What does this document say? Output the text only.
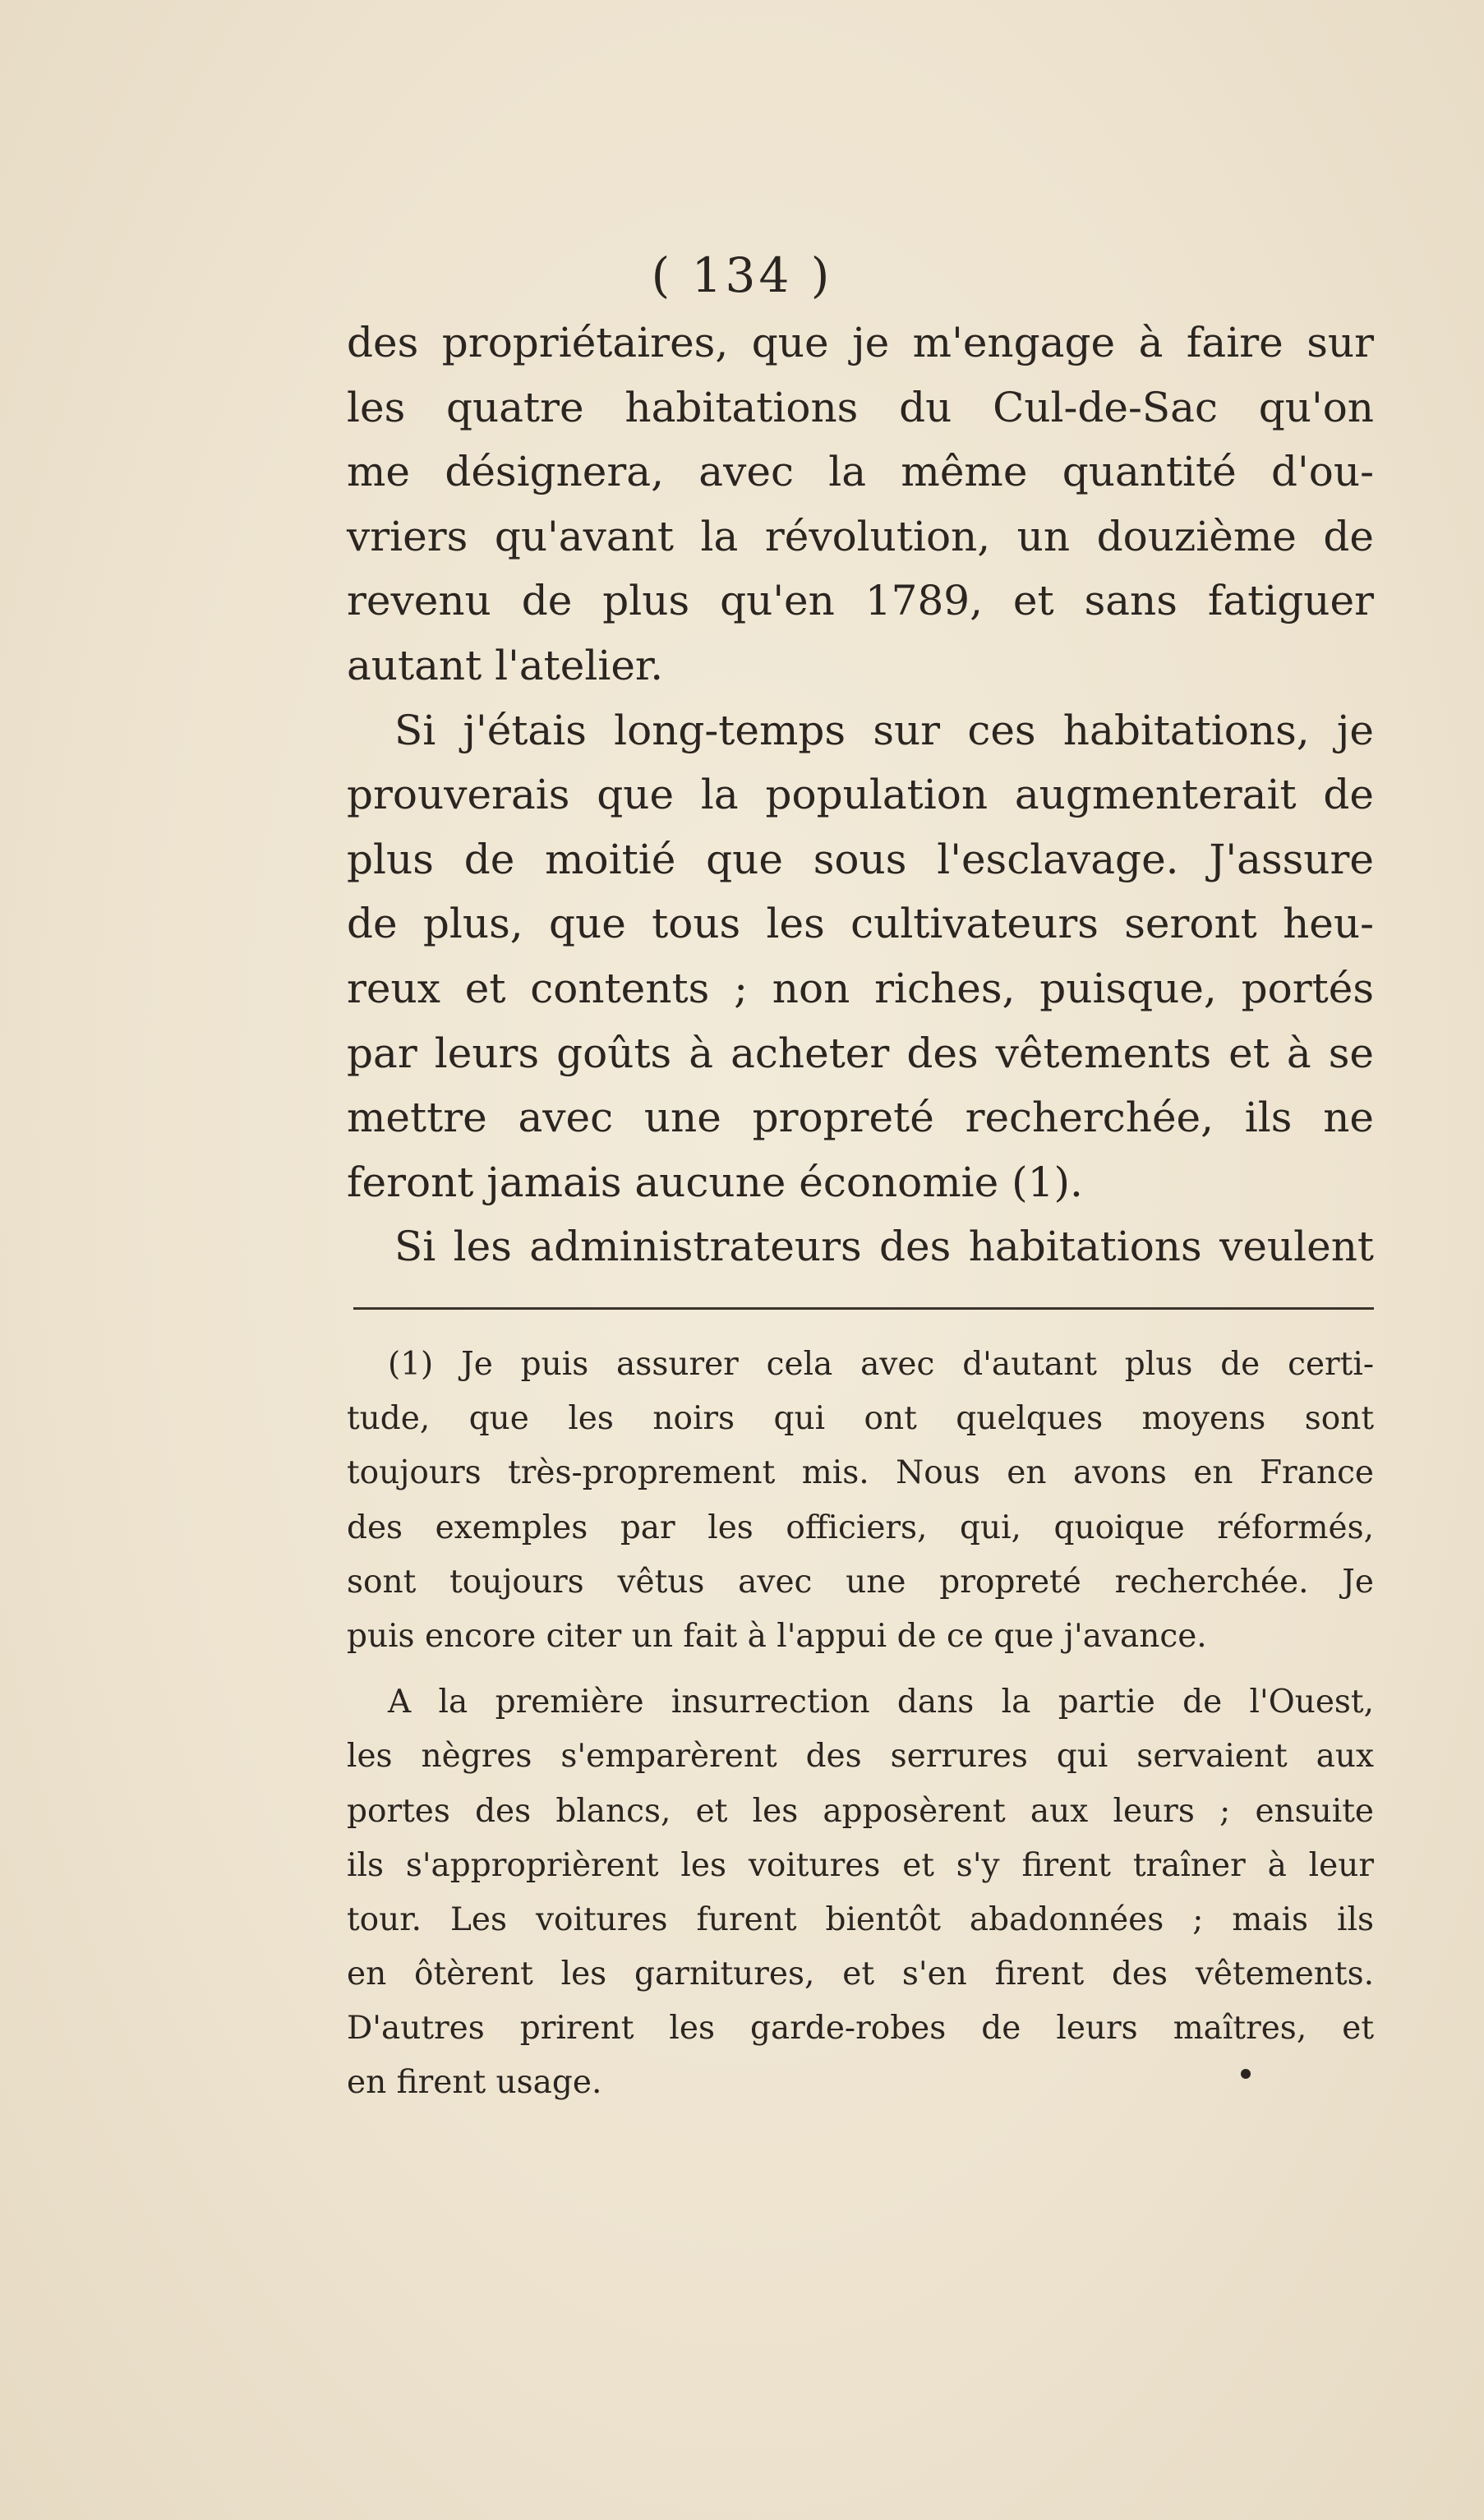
( 134 )
des propriétaires, que je m'engage à faire sur
les quatre habitations du Cul-de-Sac qu'on
me désignera, avec la même quantité d'ou-
vriers qu'avant la révolution, un douzième de
revenu de plus qu'en 1789, et sans fatiguer
autant l'atelier.
Si j'étais long-temps sur ces habitations, je
prouverais que la population augmenterait de
plus de moitié que sous l'esclavage. J'assure
de plus, que tous les cultivateurs seront heu-
reux et contents ; non riches, puisque, portés
par leurs goûts à acheter des vêtements et à se
mettre avec une propreté recherchée, ils ne
feront jamais aucune économie (1).
Si les administrateurs des habitations veulent
(1) Je puis assurer cela avec d'autant plus de certi-
tude, que les noirs qui ont quelques moyens sont
toujours très-proprement mis. Nous en avons en France
des exemples par les officiers, qui, quoique réformés,
sont toujours vêtus avec une propreté recherchée. Je
puis encore citer un fait à l'appui de ce que j'avance.
A la première insurrection dans la partie de l'Ouest,
les nègres s'emparèrent des serrures qui servaient aux
portes des blancs, et les apposèrent aux leurs ; ensuite
ils s'approprièrent les voitures et s'y firent traîner à leur
tour. Les voitures furent bientôt abadonnées ; mais ils
en ôtèrent les garnitures, et s'en firent des vêtements.
D'autres prirent les garde-robes de leurs maîtres, et
en firent usage.
